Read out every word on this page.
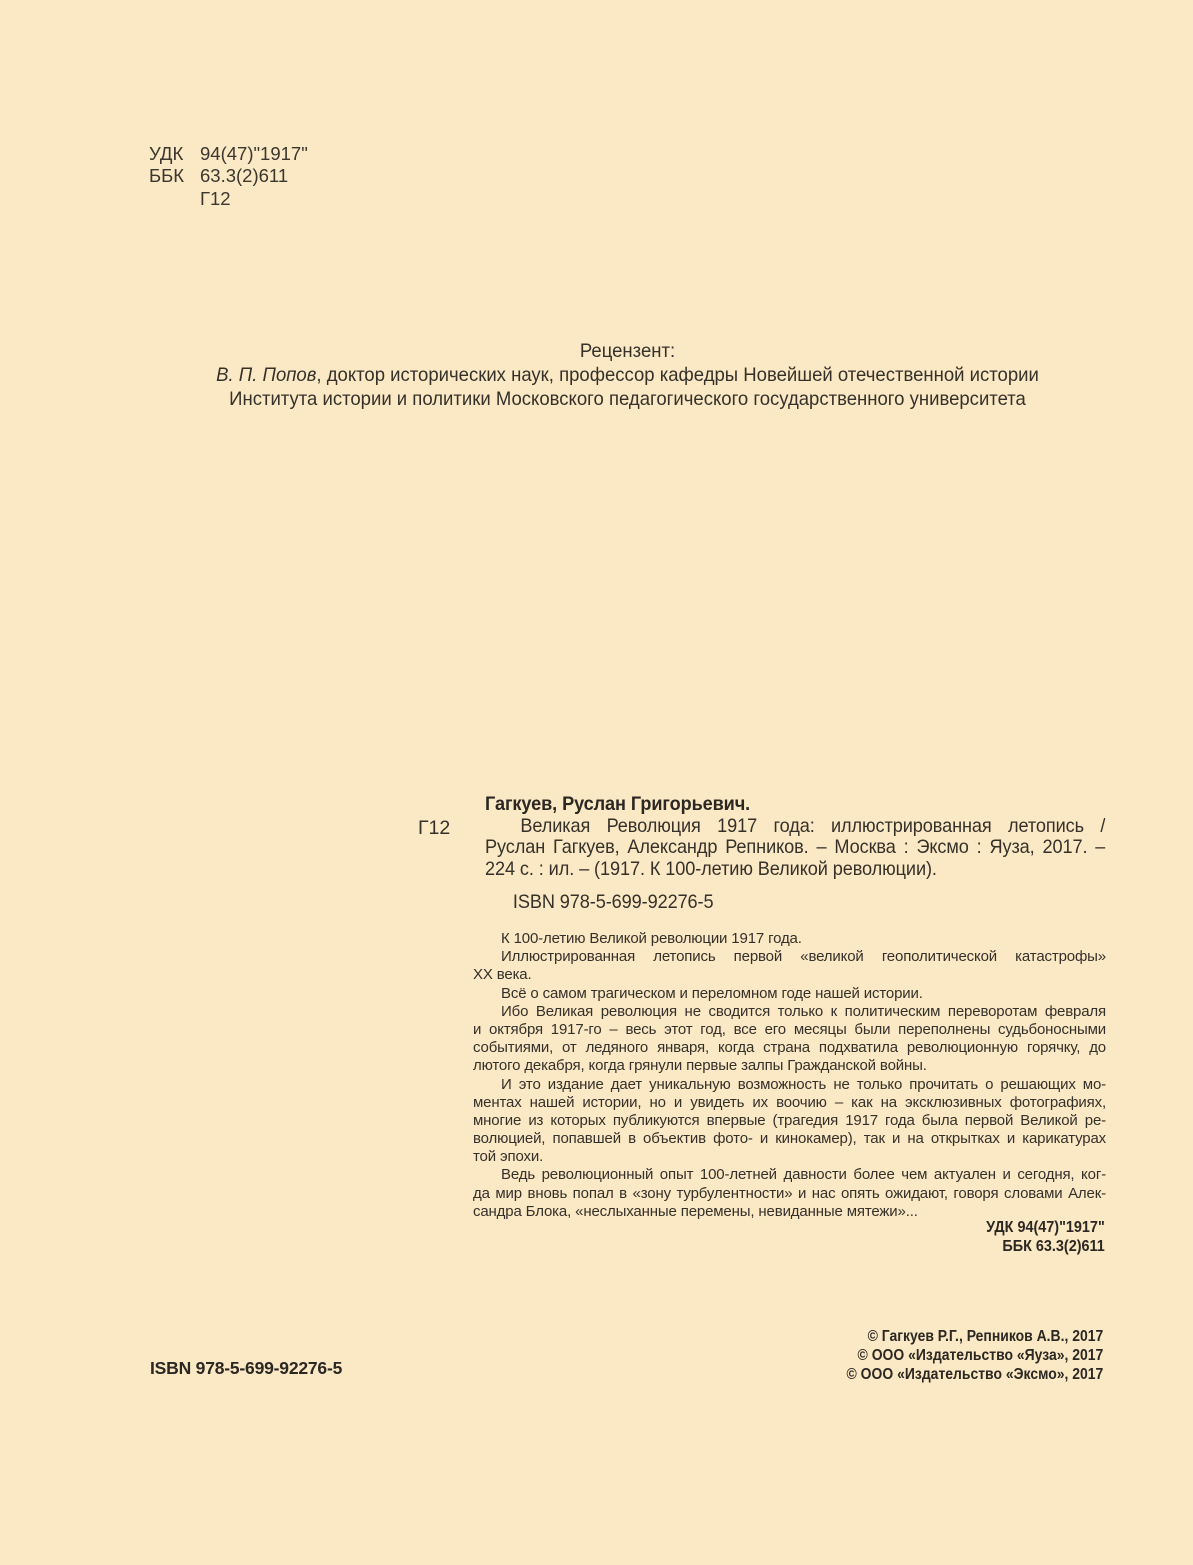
УДК 94(47)"1917"
ББК 63.3(2)611
Г12
Рецензент:
В. П. Попов, доктор исторических наук, профессор кафедры Новейшей отечественной истории
Института истории и политики Московского педагогического государственного университета
Г12
Гагкуев, Руслан Григорьевич.
Великая Революция 1917 года: иллюстрированная летопись /
Руслан Гагкуев, Александр Репников. – Москва : Эксмо : Яуза, 2017. –
224 с. : ил. – (1917. К 100-летию Великой революции).
ISBN 978-5-699-92276-5
К 100-летию Великой революции 1917 года.
Иллюстрированная летопись первой «великой геополитической катастрофы»
XX века.
Всё о самом трагическом и переломном годе нашей истории.
Ибо Великая революция не сводится только к политическим переворотам февраля
и октября 1917-го – весь этот год, все его месяцы были переполнены судьбоносными
событиями, от ледяного января, когда страна подхватила революционную горячку, до
лютого декабря, когда грянули первые залпы Гражданской войны.
И это издание дает уникальную возможность не только прочитать о решающих мо-
ментах нашей истории, но и увидеть их воочию – как на эксклюзивных фотографиях,
многие из которых публикуются впервые (трагедия 1917 года была первой Великой ре-
волюцией, попавшей в объектив фото- и кинокамер), так и на открытках и карикатурах
той эпохи.
Ведь революционный опыт 100-летней давности более чем актуален и сегодня, ког-
да мир вновь попал в «зону турбулентности» и нас опять ожидают, говоря словами Алек-
сандра Блока, «неслыханные перемены, невиданные мятежи»...
УДК 94(47)"1917"
ББК 63.3(2)611
ISBN 978-5-699-92276-5
© Гагкуев Р.Г., Репников А.В., 2017
© ООО «Издательство «Яуза», 2017
© ООО «Издательство «Эксмо», 2017
